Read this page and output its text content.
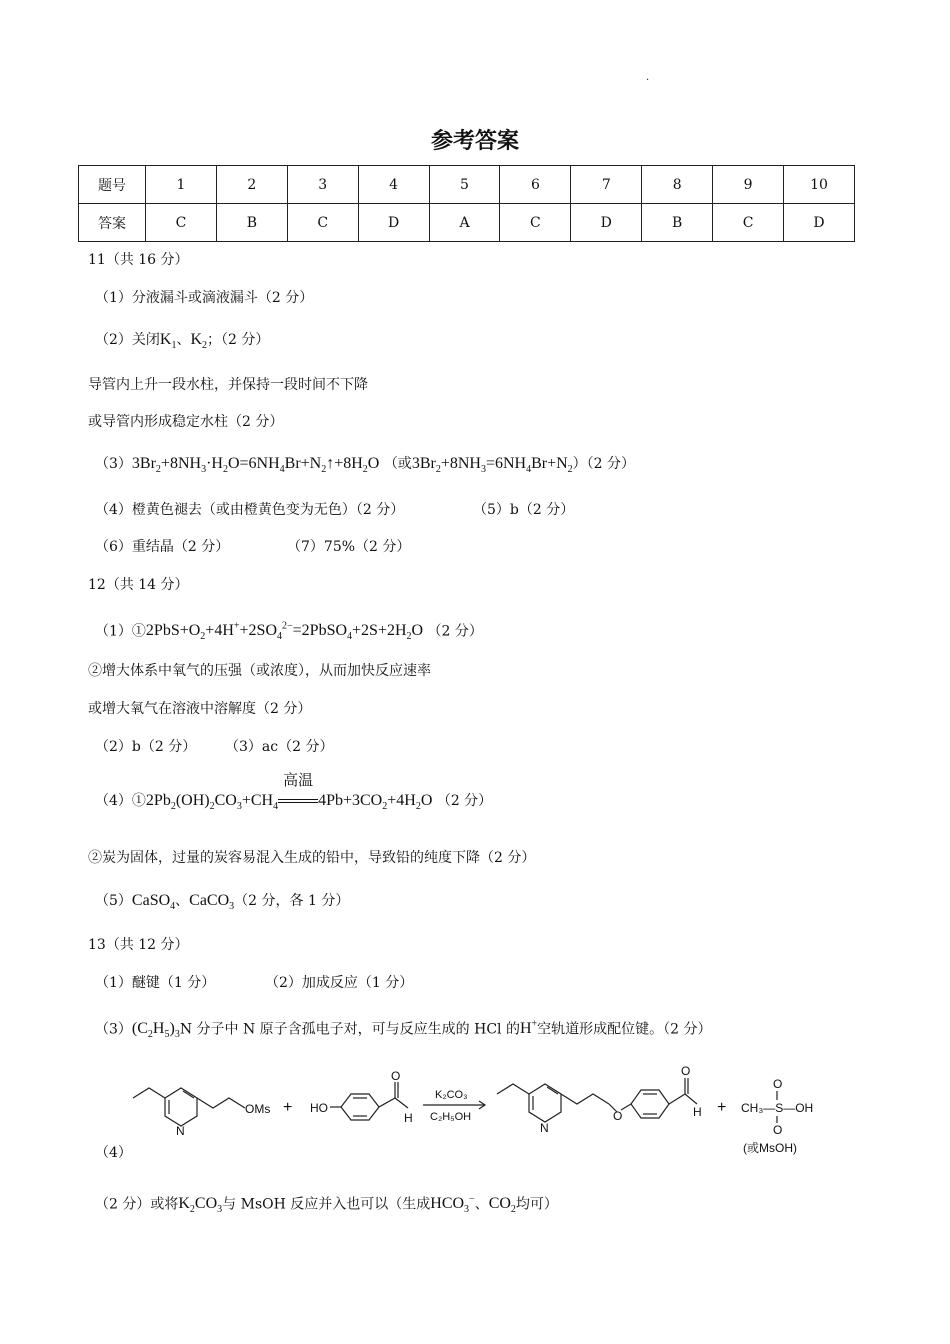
.
参考答案
题号	1	2	3	4	5	6	7	8	9	10
答案	C	B	C	D	A	C	D	B	C	D
11（共 16 分）
（1）分液漏斗或滴液漏斗（2 分）
（2）关闭$K_1$、$K_2$；（2 分）
导管内上升一段水柱，并保持一段时间不下降
或导管内形成稳定水柱（2 分）
$(3)3Br_2+8NH_3\cdot H_2O=6NH_4Br+N_2↑+8H_2O$ （或$3Br_2+8NH_3=6NH_4Br+N_2)(2$ 分）
（4）橙黄色褪去（或由橙黄色变为无色）（2 分）	（5）b（2 分）
（6）重结晶（2 分）	（7）75%（2 分）
12（共 14 分）
$(1)①2PbS+O_2+4H^++2SO_4^{2-}=2PbSO_4+2S+2H_2O$ （2 分）
②增大体系中氧气的压强（或浓度），从而加快反应速率
或增大氧气在溶液中溶解度（2 分）
（2）b（2 分） （3）ac（2 分）
$(4)①2Pb_2(OH)_2CO_3+CH_4$
高温
$4Pb+3CO_2+4H_2O$ （2 分）
②炭为固体，过量的炭容易混入生成的铅中，导致铅的纯度下降（2 分）
（5）CaSO$_4$、CaCO$_3$（2 分，各 1 分）
13（共 12 分）
（1）醚键（1 分）	（2）加成反应（1 分）
$(3)(C_2H_5)_3N$ 分子中 N 原子含孤电子对，可与反应生成的 HCl 的H+空轨道形成配位键。（2 分）
N
OMs + HO
O
H
K₂CO₃
C₂H₅OH
N
O
O
H + CH₃—S—OH
O
O
(或MsOH)
（4）
（2 分）或将$K_2CO_3$与 MsOH 反应并入也可以（生成$HCO_3^-$、$CO_2$均可）
